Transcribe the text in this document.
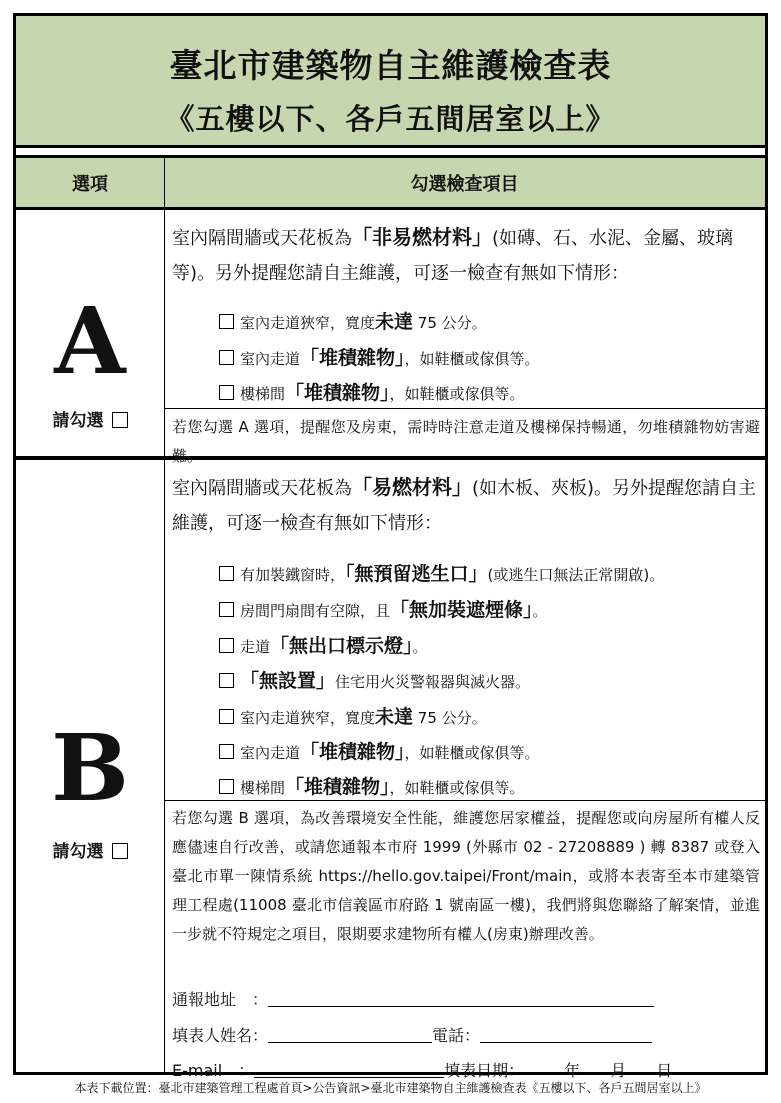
臺北市建築物自主維護檢查表
《五樓以下、各戶五間居室以上》
選項	勾選檢查項目
A
請勾選
室內隔間牆或天花板為「非易燃材料」(如磚、石、水泥、金屬、玻璃等)。另外提醒您請自主維護，可逐一檢查有無如下情形：
室內走道狹窄，寬度未達 75 公分。
室內走道「堆積雜物」，如鞋櫃或傢俱等。
樓梯間「堆積雜物」，如鞋櫃或傢俱等。
若您勾選 A 選項，提醒您及房東，需時時注意走道及樓梯保持暢通，勿堆積雜物妨害避難。
B
請勾選
室內隔間牆或天花板為「易燃材料」(如木板、夾板)。另外提醒您請自主維護，可逐一檢查有無如下情形：
有加裝鐵窗時，「無預留逃生口」(或逃生口無法正常開啟)。
房間門扇間有空隙，且「無加裝遮煙條」。
走道「無出口標示燈」。
「無設置」住宅用火災警報器與滅火器。
室內走道狹窄，寬度未達 75 公分。
室內走道「堆積雜物」，如鞋櫃或傢俱等。
樓梯間「堆積雜物」，如鞋櫃或傢俱等。
若您勾選 B 選項，為改善環境安全性能，維護您居家權益，提醒您或向房屋所有權人反應儘速自行改善，或請您通報本市府 1999 (外縣市 02 - 27208889 ) 轉 8387 或登入臺北市單一陳情系統 https://hello.gov.taipei/Front/main，或將本表寄至本市建築管理工程處(11008 臺北市信義區市府路 1 號南區一樓)，我們將與您聯絡了解案情，並進一步就不符規定之項目，限期要求建物所有權人(房東)辦理改善。
通報地址　：
填表人姓名：	電話：
E-mail　：	填表日期：	年 月 日
本表下載位置：臺北市建築管理工程處首頁>公告資訊>臺北市建築物自主維護檢查表《五樓以下、各戶五間居室以上》
